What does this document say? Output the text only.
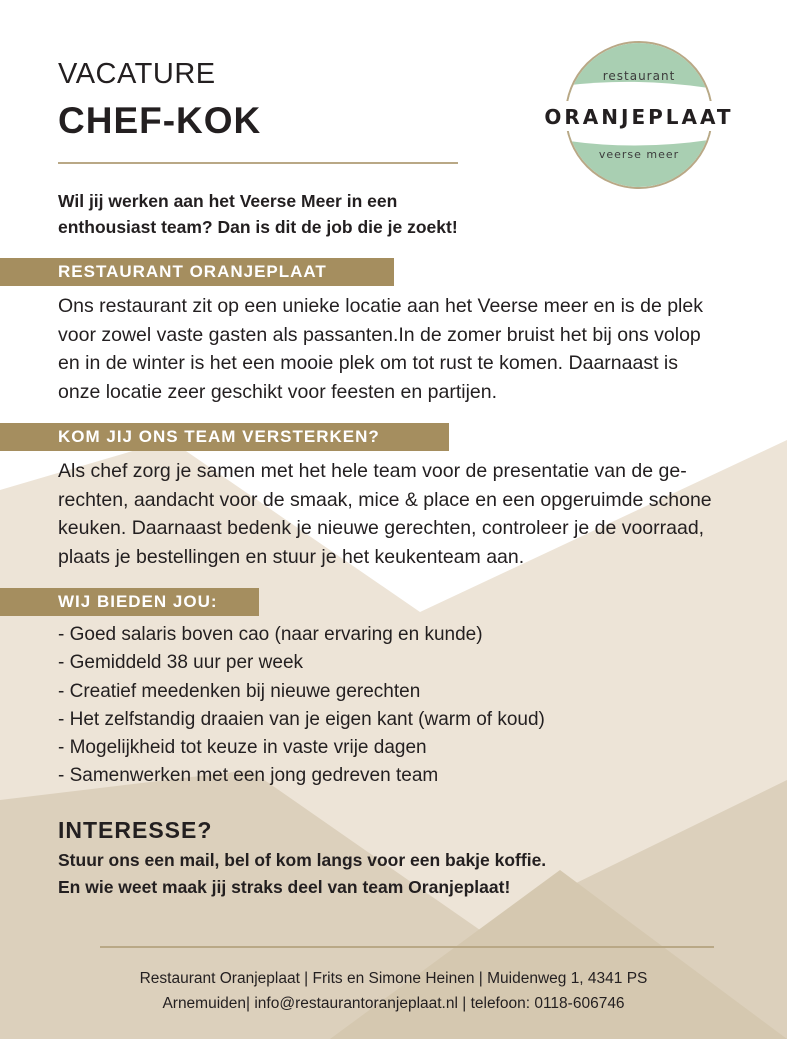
VACATURE
CHEF-KOK
restaurant
ORANJEPLAAT
veerse meer
Wil jij werken aan het Veerse Meer in een
enthousiast team? Dan is dit de job die je zoekt!
RESTAURANT ORANJEPLAAT
Ons restaurant zit op een unieke locatie aan het Veerse meer en is de plek
voor zowel vaste gasten als passanten.In de zomer bruist het bij ons volop
en in de winter is het een mooie plek om tot rust te komen. Daarnaast is
onze locatie zeer geschikt voor feesten en partijen.
KOM JIJ ONS TEAM VERSTERKEN?
Als chef zorg je samen met het hele team voor de presentatie van de ge-
rechten, aandacht voor de smaak, mice & place en een opgeruimde schone
keuken. Daarnaast bedenk je nieuwe gerechten, controleer je de voorraad,
plaats je bestellingen en stuur je het keukenteam aan.
WIJ BIEDEN JOU:
- Goed salaris boven cao (naar ervaring en kunde)
- Gemiddeld 38 uur per week
- Creatief meedenken bij nieuwe gerechten
- Het zelfstandig draaien van je eigen kant (warm of koud)
- Mogelijkheid tot keuze in vaste vrije dagen
- Samenwerken met een jong gedreven team
INTERESSE?
Stuur ons een mail, bel of kom langs voor een bakje koffie.
En wie weet maak jij straks deel van team Oranjeplaat!
Restaurant Oranjeplaat | Frits en Simone Heinen | Muidenweg 1, 4341 PS
Arnemuiden| info@restaurantoranjeplaat.nl | telefoon: 0118-606746
